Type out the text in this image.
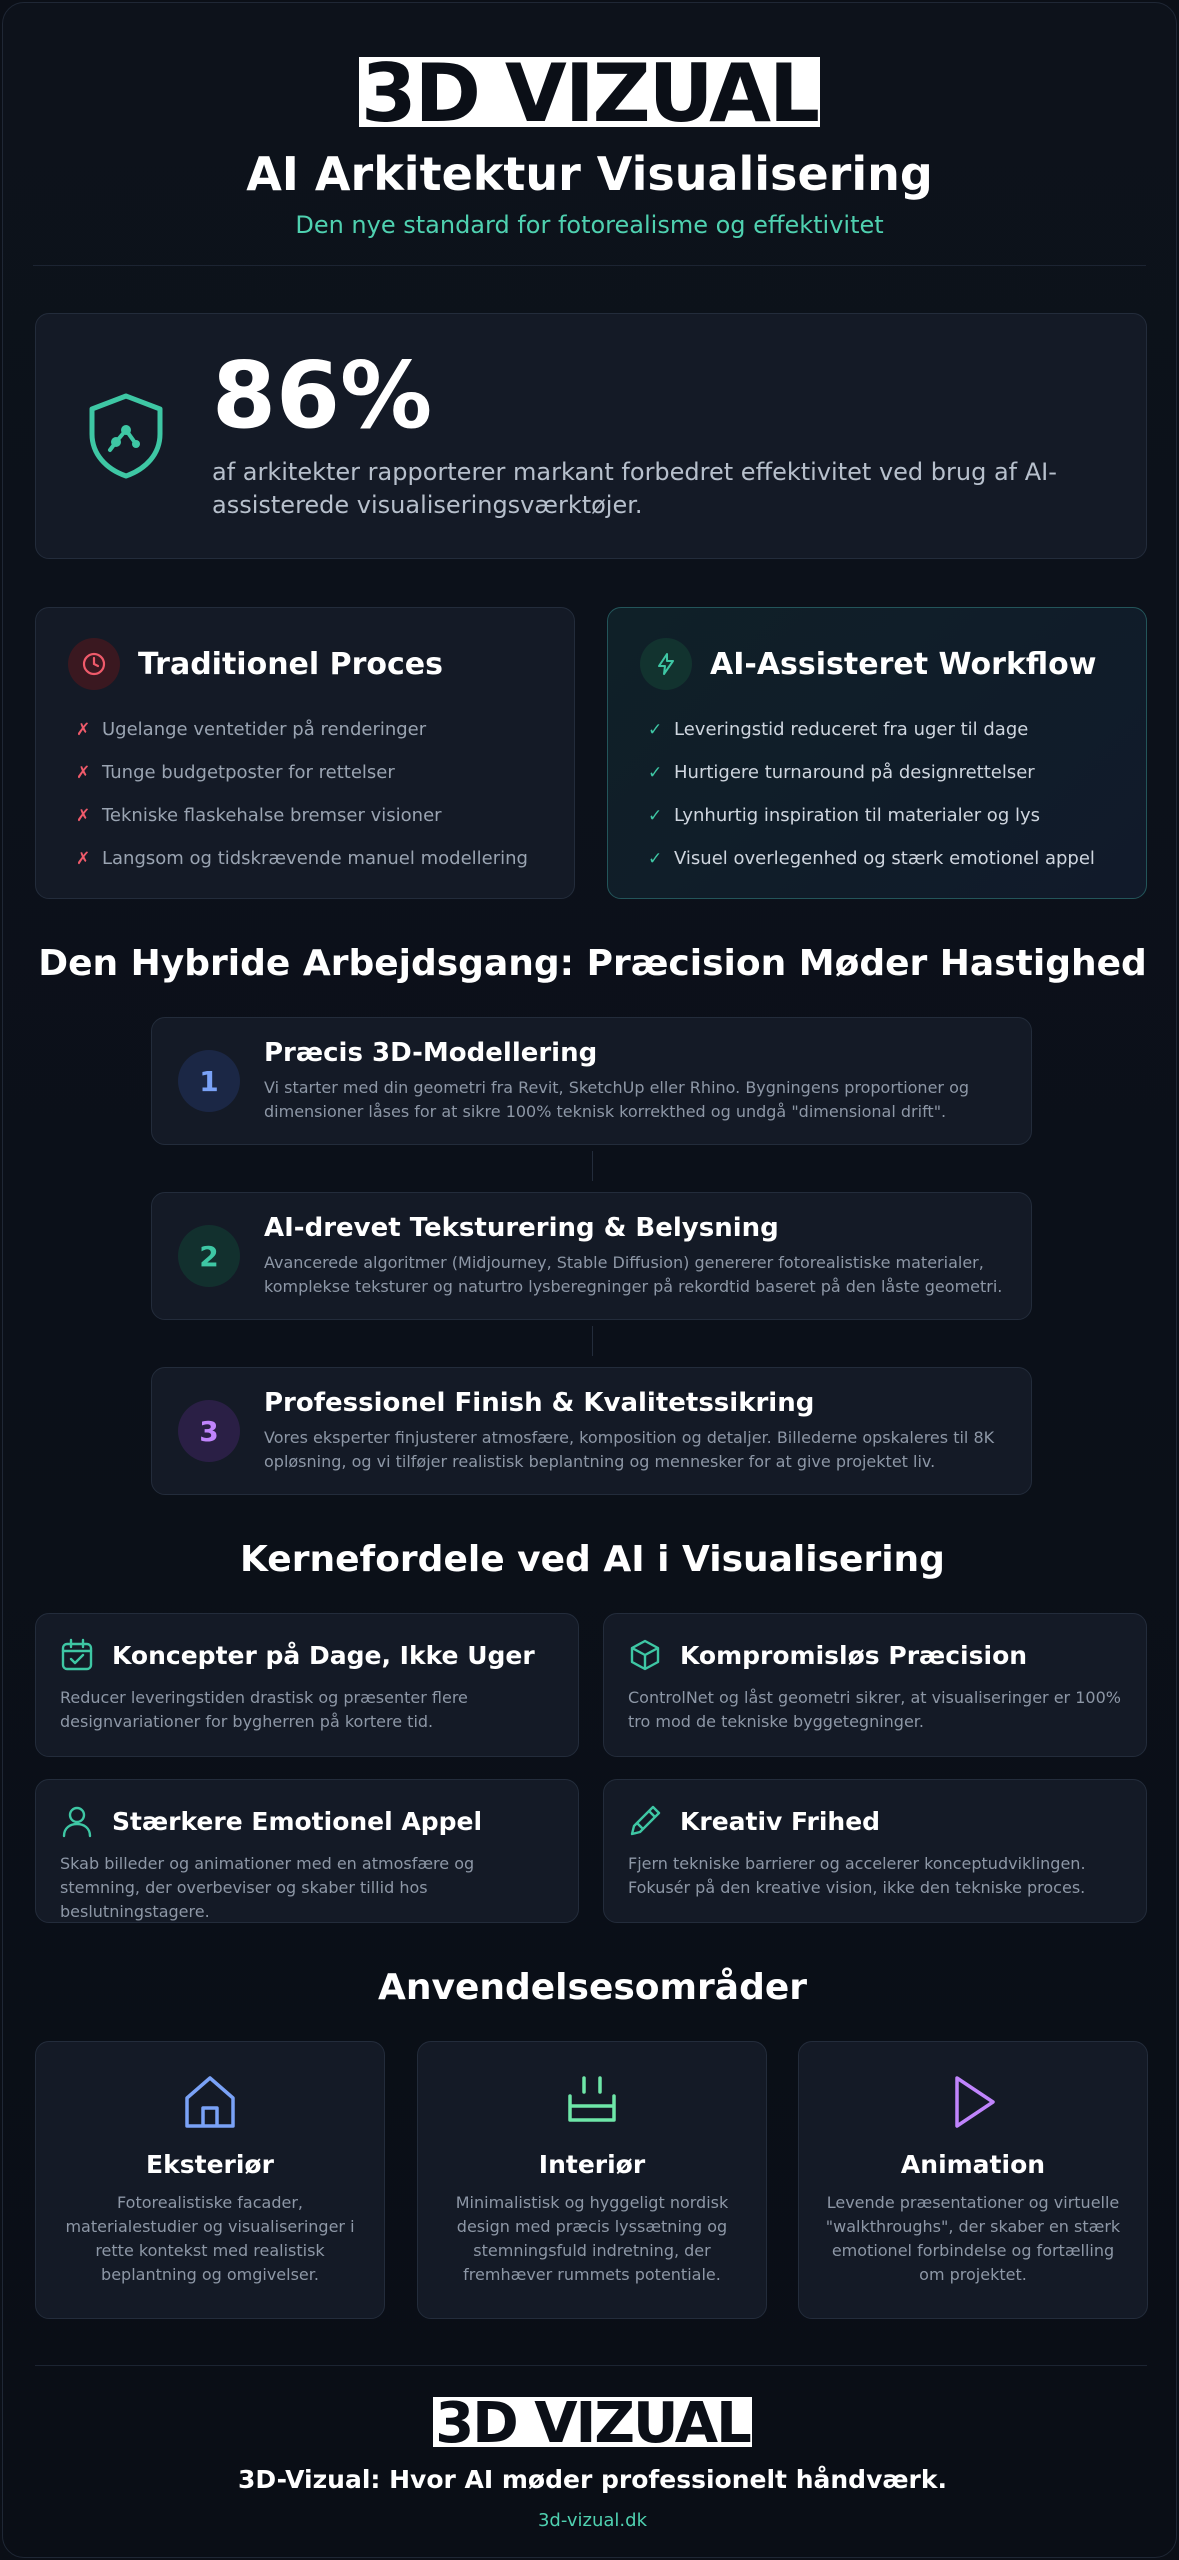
3D VIZUAL
AI Arkitektur Visualisering
Den nye standard for fotorealisme og effektivitet
86%
af arkitekter rapporterer markant forbedret effektivitet ved brug af AI-assisterede visualiseringsværktøjer.
Traditionel Proces
✗ Ugelange ventetider på renderinger
✗ Tunge budgetposter for rettelser
✗ Tekniske flaskehalse bremser visioner
✗ Langsom og tidskrævende manuel modellering
AI-Assisteret Workflow
✓ Leveringstid reduceret fra uger til dage
✓ Hurtigere turnaround på designrettelser
✓ Lynhurtig inspiration til materialer og lys
✓ Visuel overlegenhed og stærk emotionel appel
Den Hybride Arbejdsgang: Præcision Møder Hastighed
1
Præcis 3D-Modellering
Vi starter med din geometri fra Revit, SketchUp eller Rhino. Bygningens proportioner og dimensioner låses for at sikre 100% teknisk korrekthed og undgå "dimensional drift".
2
AI-drevet Teksturering & Belysning
Avancerede algoritmer (Midjourney, Stable Diffusion) genererer fotorealistiske materialer, komplekse teksturer og naturtro lysberegninger på rekordtid baseret på den låste geometri.
3
Professionel Finish & Kvalitetssikring
Vores eksperter finjusterer atmosfære, komposition og detaljer. Billederne opskaleres til 8K opløsning, og vi tilføjer realistisk beplantning og mennesker for at give projektet liv.
Kernefordele ved AI i Visualisering
Koncepter på Dage, Ikke Uger
Reducer leveringstiden drastisk og præsenter flere designvariationer for bygherren på kortere tid.
Kompromisløs Præcision
ControlNet og låst geometri sikrer, at visualiseringer er 100% tro mod de tekniske byggetegninger.
Stærkere Emotionel Appel
Skab billeder og animationer med en atmosfære og stemning, der overbeviser og skaber tillid hos beslutningstagere.
Kreativ Frihed
Fjern tekniske barrierer og accelerer konceptudviklingen. Fokusér på den kreative vision, ikke den tekniske proces.
Anvendelsesområder
Eksteriør
Fotorealistiske facader, materialestudier og visualiseringer i rette kontekst med realistisk beplantning og omgivelser.
Interiør
Minimalistisk og hyggeligt nordisk design med præcis lyssætning og stemningsfuld indretning, der fremhæver rummets potentiale.
Animation
Levende præsentationer og virtuelle "walkthroughs", der skaber en stærk emotionel forbindelse og fortælling om projektet.
3D VIZUAL
3D-Vizual: Hvor AI møder professionelt håndværk.
3d-vizual.dk
